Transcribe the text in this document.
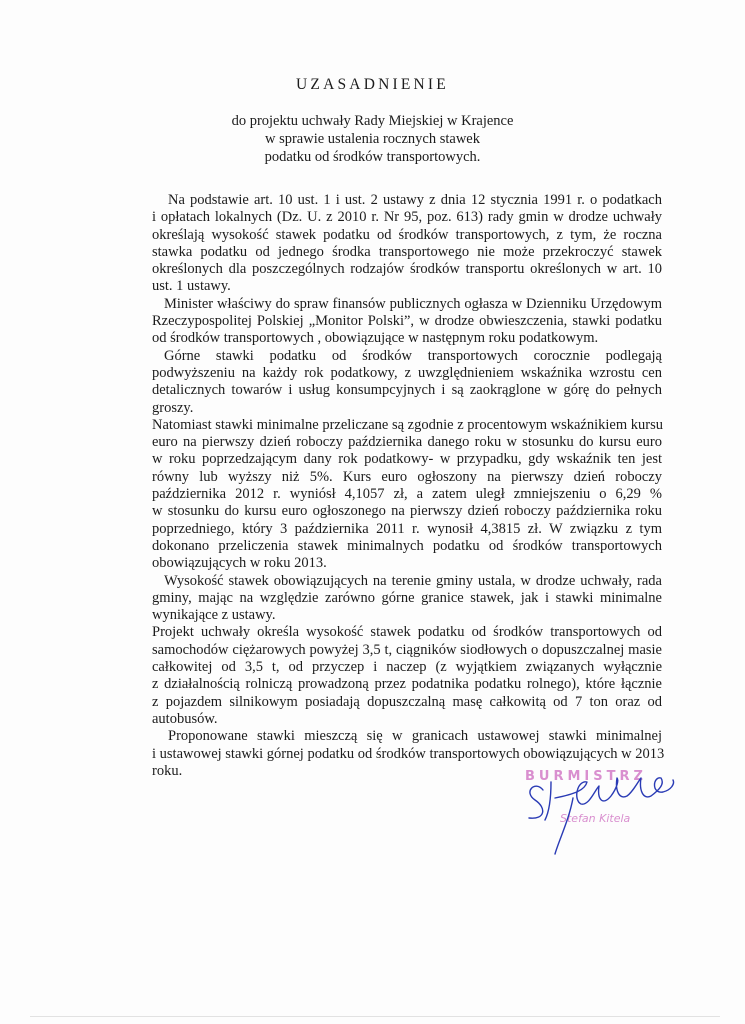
UZASADNIENIE
do projektu uchwały Rady Miejskiej w Krajence
w sprawie ustalenia rocznych stawek
podatku od środków transportowych.
Na podstawie art. 10 ust. 1 i ust. 2 ustawy z dnia 12 stycznia 1991 r. o podatkach
i opłatach lokalnych (Dz. U. z 2010 r. Nr 95, poz. 613) rady gmin w drodze uchwały
określają wysokość stawek podatku od środków transportowych, z tym, że roczna
stawka podatku od jednego środka transportowego nie może przekroczyć stawek
określonych dla poszczególnych rodzajów środków transportu określonych w art. 10
ust. 1 ustawy.
Minister właściwy do spraw finansów publicznych ogłasza w Dzienniku Urzędowym
Rzeczypospolitej Polskiej „Monitor Polski”, w drodze obwieszczenia, stawki podatku
od środków transportowych , obowiązujące w następnym roku podatkowym.
Górne stawki podatku od środków transportowych corocznie podlegają
podwyższeniu na każdy rok podatkowy, z uwzględnieniem wskaźnika wzrostu cen
detalicznych towarów i usług konsumpcyjnych i są zaokrąglone w górę do pełnych
groszy.
Natomiast stawki minimalne przeliczane są zgodnie z procentowym wskaźnikiem kursu
euro na pierwszy dzień roboczy października danego roku w stosunku do kursu euro
w roku poprzedzającym dany rok podatkowy- w przypadku, gdy wskaźnik ten jest
równy lub wyższy niż 5%. Kurs euro ogłoszony na pierwszy dzień roboczy
października 2012 r. wyniósł 4,1057 zł, a zatem uległ zmniejszeniu o 6,29 %
w stosunku do kursu euro ogłoszonego na pierwszy dzień roboczy października roku
poprzedniego, który 3 października 2011 r. wynosił 4,3815 zł. W związku z tym
dokonano przeliczenia stawek minimalnych podatku od środków transportowych
obowiązujących w roku 2013.
Wysokość stawek obowiązujących na terenie gminy ustala, w drodze uchwały, rada
gminy, mając na względzie zarówno górne granice stawek, jak i stawki minimalne
wynikające z ustawy.
Projekt uchwały określa wysokość stawek podatku od środków transportowych od
samochodów ciężarowych powyżej 3,5 t, ciągników siodłowych o dopuszczalnej masie
całkowitej od 3,5 t, od przyczep i naczep (z wyjątkiem związanych wyłącznie
z działalnością rolniczą prowadzoną przez podatnika podatku rolnego), które łącznie
z pojazdem silnikowym posiadają dopuszczalną masę całkowitą od 7 ton oraz od
autobusów.
Proponowane stawki mieszczą się w granicach ustawowej stawki minimalnej
i ustawowej stawki górnej podatku od środków transportowych obowiązujących w 2013
roku.	BURMISTRZ
Stefan Kitela
